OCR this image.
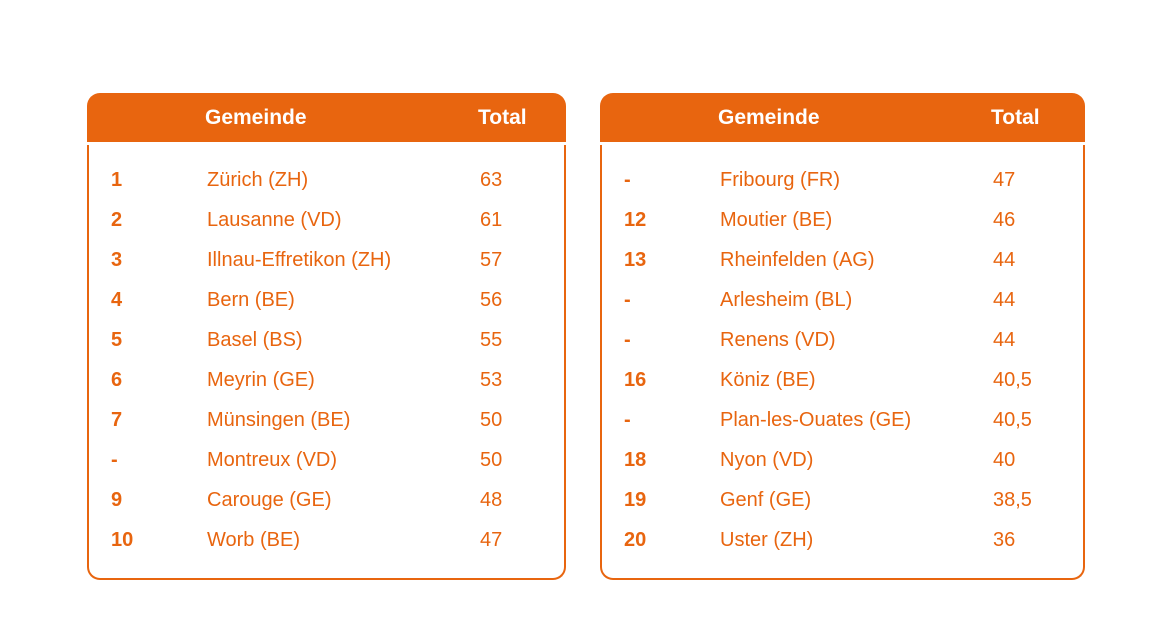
Gemeinde	Total
1	Zürich (ZH)	63
2	Lausanne (VD)	61
3	Illnau-Effretikon (ZH)	57
4	Bern (BE)	56
5	Basel (BS)	55
6	Meyrin (GE)	53
7	Münsingen (BE)	50
-	Montreux (VD)	50
9	Carouge (GE)	48
10	Worb (BE)	47
Gemeinde	Total
-	Fribourg (FR)	47
12	Moutier (BE)	46
13	Rheinfelden (AG)	44
-	Arlesheim (BL)	44
-	Renens (VD)	44
16	Köniz (BE)	40,5
-	Plan-les-Ouates (GE)	40,5
18	Nyon (VD)	40
19	Genf (GE)	38,5
20	Uster (ZH)	36
